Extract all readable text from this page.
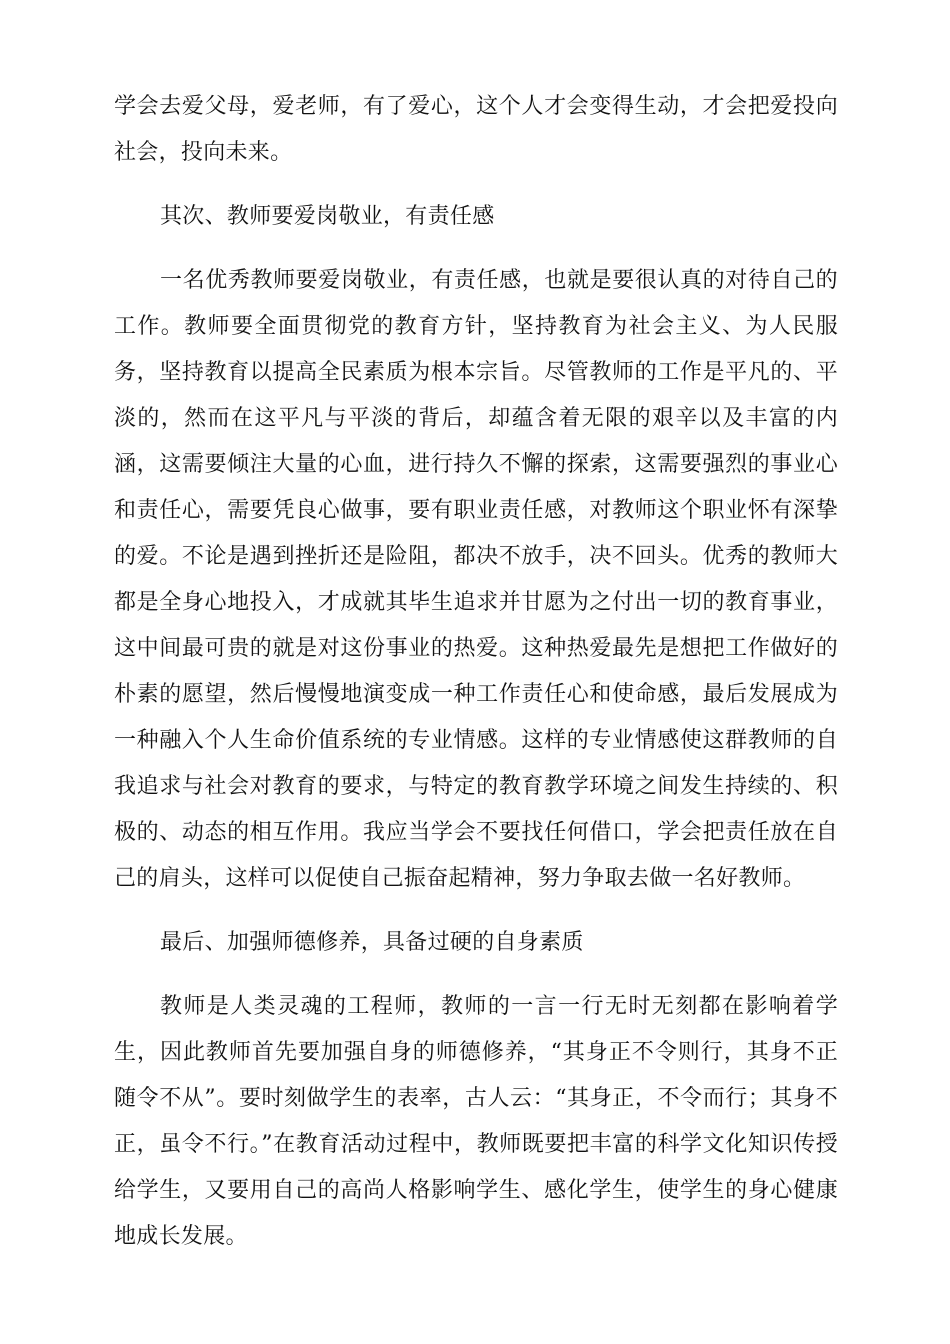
学会去爱父母，爱老师，有了爱心，这个人才会变得生动，才会把爱投向社会，投向未来。

其次、教师要爱岗敬业，有责任感

一名优秀教师要爱岗敬业，有责任感，也就是要很认真的对待自己的工作。教师要全面贯彻党的教育方针，坚持教育为社会主义、为人民服务，坚持教育以提高全民素质为根本宗旨。尽管教师的工作是平凡的、平淡的，然而在这平凡与平淡的背后，却蕴含着无限的艰辛以及丰富的内涵，这需要倾注大量的心血，进行持久不懈的探索，这需要强烈的事业心和责任心，需要凭良心做事，要有职业责任感，对教师这个职业怀有深挚的爱。不论是遇到挫折还是险阻，都决不放手，决不回头。优秀的教师大都是全身心地投入，才成就其毕生追求并甘愿为之付出一切的教育事业，这中间最可贵的就是对这份事业的热爱。这种热爱最先是想把工作做好的朴素的愿望，然后慢慢地演变成一种工作责任心和使命感，最后发展成为一种融入个人生命价值系统的专业情感。这样的专业情感使这群教师的自我追求与社会对教育的要求，与特定的教育教学环境之间发生持续的、积极的、动态的相互作用。我应当学会不要找任何借口，学会把责任放在自己的肩头，这样可以促使自己振奋起精神，努力争取去做一名好教师。

最后、加强师德修养，具备过硬的自身素质

教师是人类灵魂的工程师，教师的一言一行无时无刻都在影响着学生，因此教师首先要加强自身的师德修养，“其身正不令则行，其身不正随令不从”。要时刻做学生的表率，古人云：“其身正，不令而行；其身不正，虽令不行。”在教育活动过程中，教师既要把丰富的科学文化知识传授给学生，又要用自己的高尚人格影响学生、感化学生，使学生的身心健康地成长发展。
